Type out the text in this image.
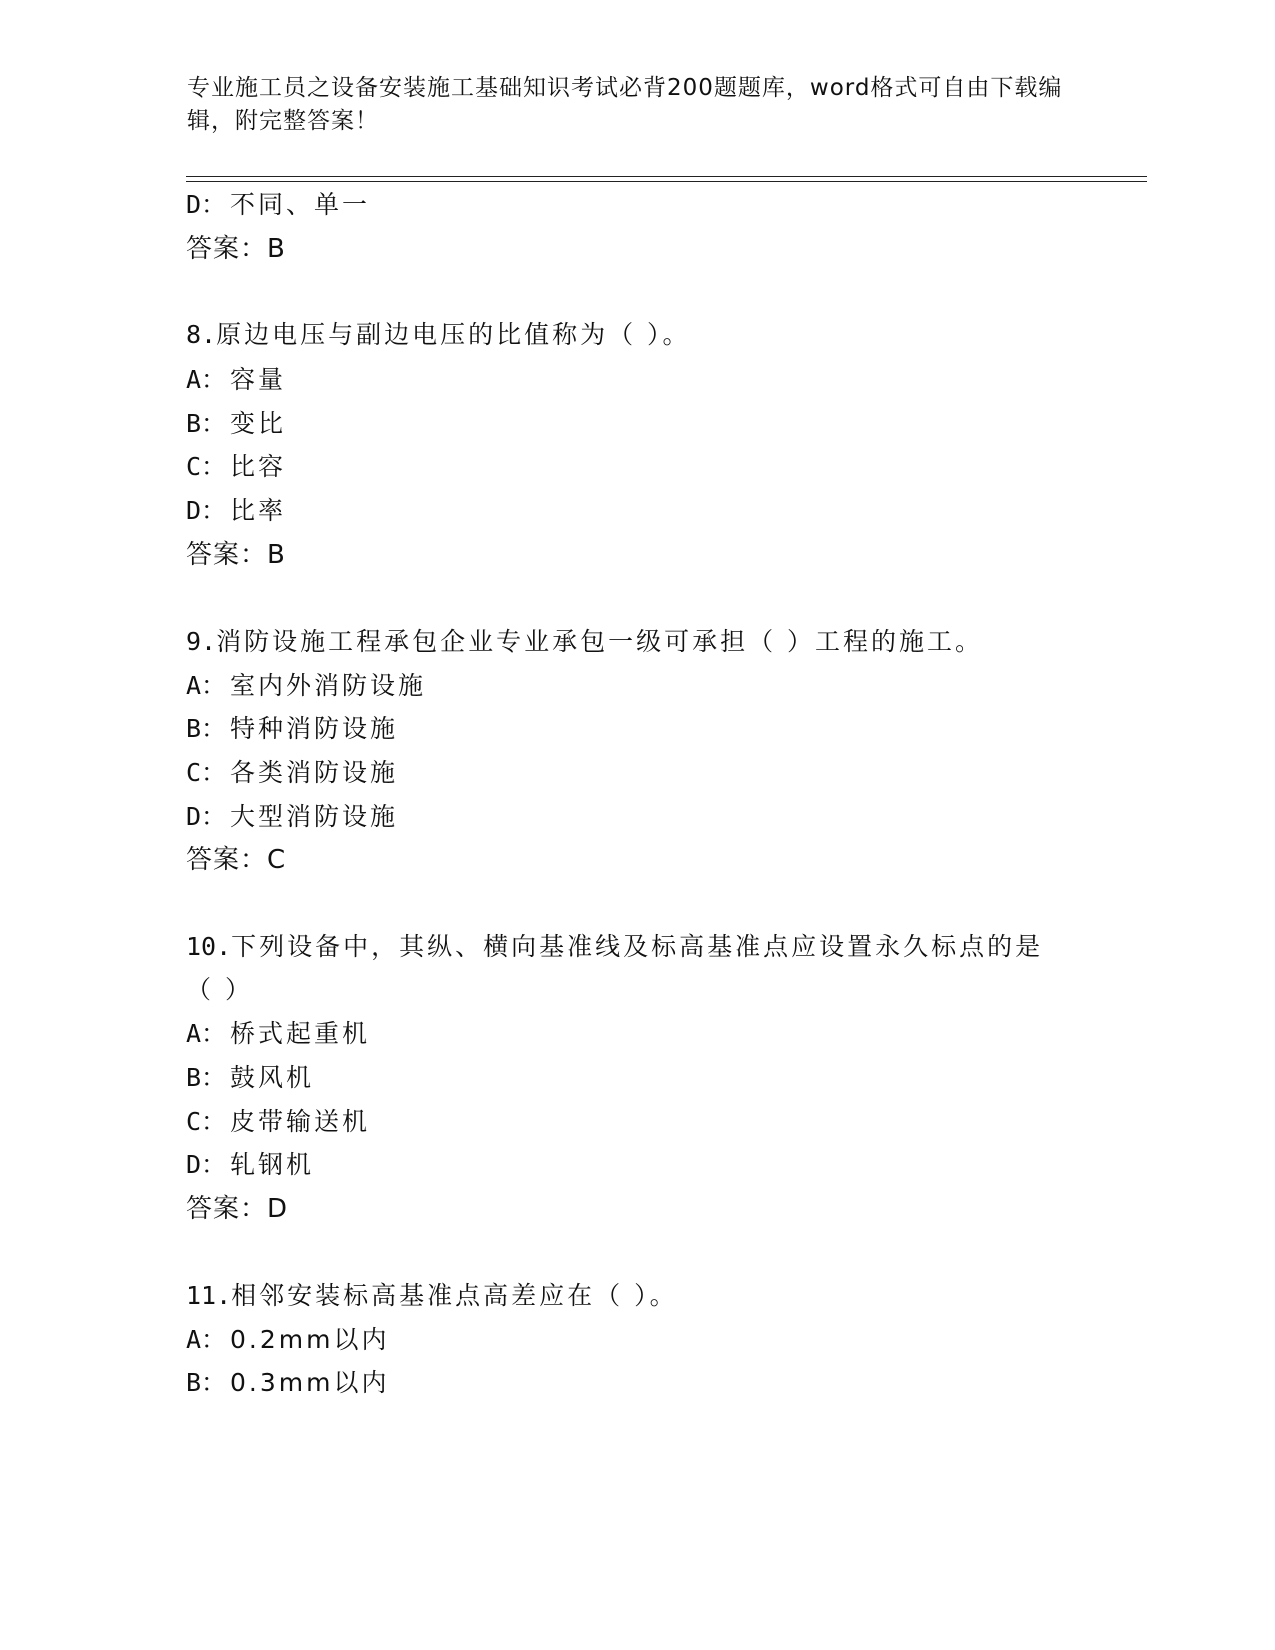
专业施工员之设备安装施工基础知识考试必背200题题库，word格式可自由下载编辑，附完整答案！
D： 不同、单一
答案：B
8.原边电压与副边电压的比值称为（ ）。
A： 容量
B： 变比
C： 比容
D： 比率
答案：B
9.消防设施工程承包企业专业承包一级可承担（ ）工程的施工。
A： 室内外消防设施
B： 特种消防设施
C： 各类消防设施
D： 大型消防设施
答案：C
10.下列设备中，其纵、横向基准线及标高基准点应设置永久标点的是
（ ）
A： 桥式起重机
B： 鼓风机
C： 皮带输送机
D： 轧钢机
答案：D
11.相邻安装标高基准点高差应在（ ）。
A： 0.2mm以内
B： 0.3mm以内
